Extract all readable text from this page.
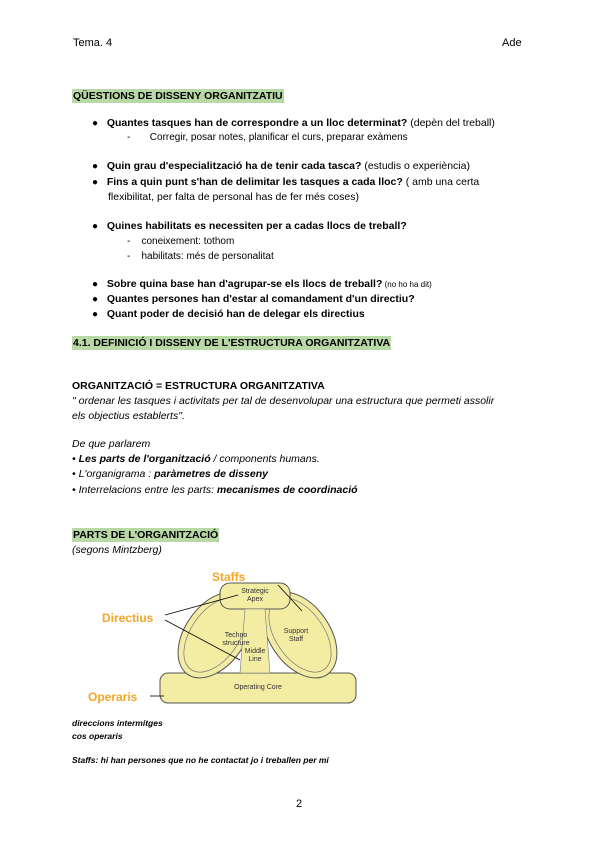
Tema. 4	Ade
QÜESTIONS DE DISSENY ORGANITZATIU
● Quantes tasques han de correspondre a un lloc determinat? (depèn del treball)
-       Corregir, posar notes, planificar el curs, preparar exàmens
● Quin grau d'especialització ha de tenir cada tasca? (estudis o experiència)
● Fins a quin punt s'han de delimitar les tasques a cada lloc? ( amb una certa
flexibilitat, per falta de personal has de fer més coses)
● Quines habilitats es necessiten per a cadas llocs de treball?
-    coneixement: tothom
-    habilitats: més de personalitat
● Sobre quina base han d'agrupar-se els llocs de treball? (no ho ha dit)
● Quantes persones han d'estar al comandament d'un directiu?
● Quant poder de decisió han de delegar els directius
4.1. DEFINICIÓ I DISSENY DE L'ESTRUCTURA ORGANITZATIVA
ORGANITZACIÓ = ESTRUCTURA ORGANITZATIVA
" ordenar les tasques i activitats per tal de desenvolupar una estructura que permeti assolir
els objectius establerts".
De que parlarem
• Les parts de l'organització / components humans.
• L'organigrama : paràmetres de disseny
• Interrelacions entre les parts: mecanismes de coordinació
PARTS DE L'ORGANITZACIÓ
(segons Mintzberg)
Strategic
Apex
Techno
structure
Support
Staff
Middle
Line
Operating Core
Staffs
Directius
Operaris
direccions intermitges
cos operaris
Staffs: hi han persones que no he contactat jo i treballen per mi
2
